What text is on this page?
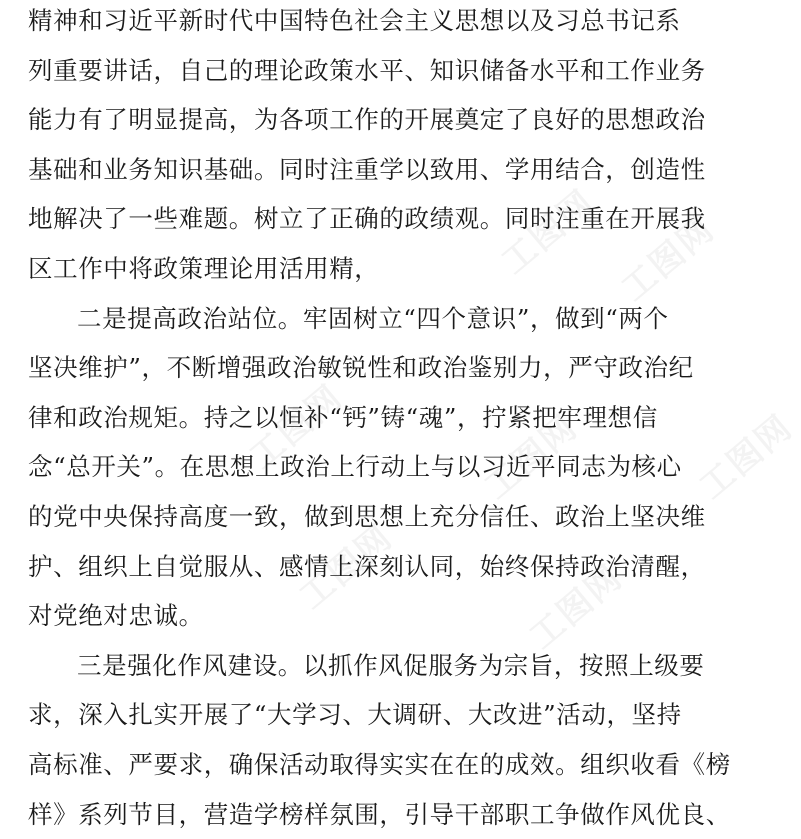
工图网 工图网
工图网	工图网	工图网
工图网	工图网
精神和习近平新时代中国特色社会主义思想以及习总书记系
列重要讲话，自己的理论政策水平、知识储备水平和工作业务
能力有了明显提高，为各项工作的开展奠定了良好的思想政治
基础和业务知识基础。同时注重学以致用、学用结合，创造性
地解决了一些难题。树立了正确的政绩观。同时注重在开展我
区工作中将政策理论用活用精，
二是提高政治站位。牢固树立“四个意识”，做到“两个
坚决维护”，不断增强政治敏锐性和政治鉴别力，严守政治纪
律和政治规矩。持之以恒补“钙”铸“魂”，拧紧把牢理想信
念“总开关”。在思想上政治上行动上与以习近平同志为核心
的党中央保持高度一致，做到思想上充分信任、政治上坚决维
护、组织上自觉服从、感情上深刻认同，始终保持政治清醒，
对党绝对忠诚。
三是强化作风建设。以抓作风促服务为宗旨，按照上级要
求，深入扎实开展了“大学习、大调研、大改进”活动，坚持
高标准、严要求，确保活动取得实实在在的成效。组织收看《榜
样》系列节目，营造学榜样氛围，引导干部职工争做作风优良、
